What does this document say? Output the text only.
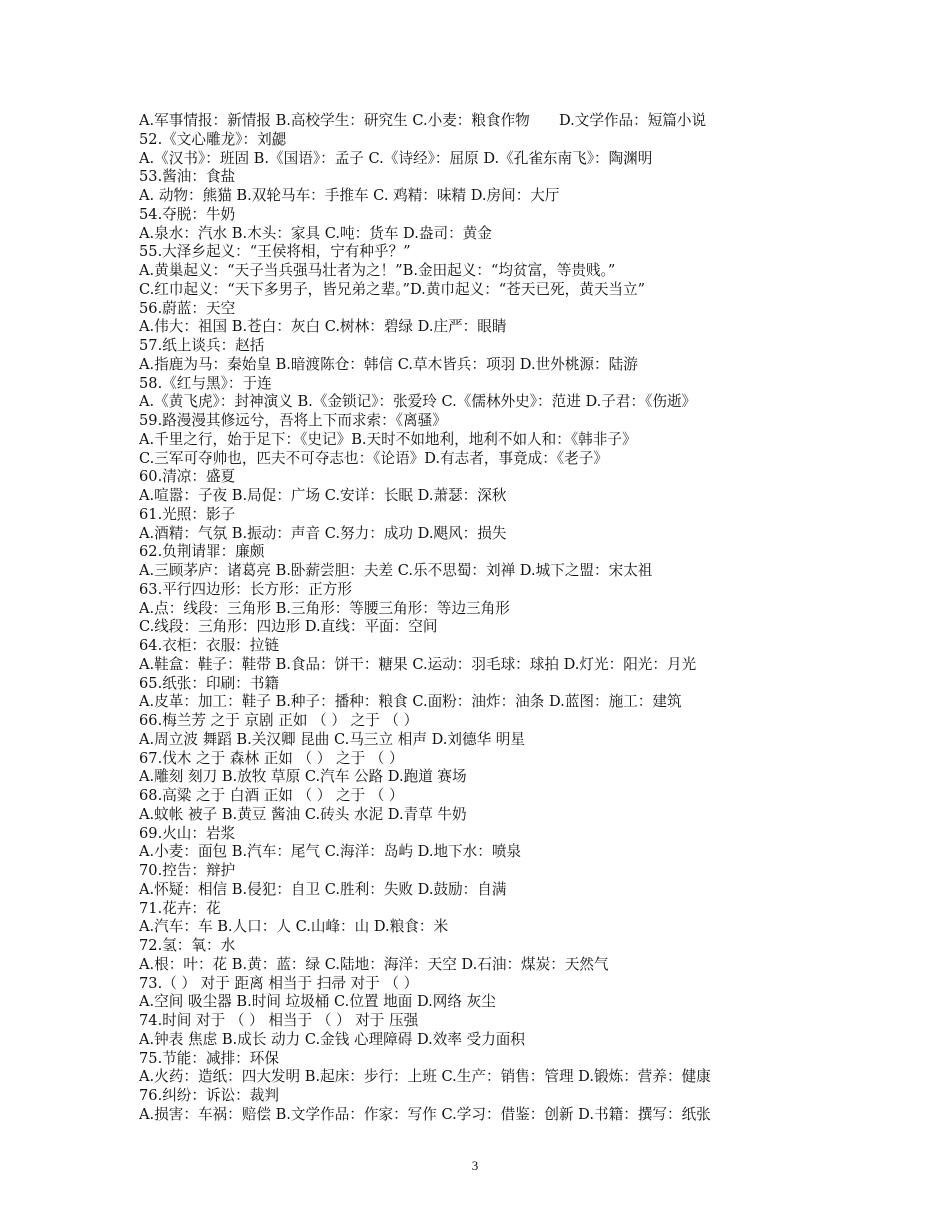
A.军事情报：新情报 B.高校学生：研究生 C.小麦：粮食作物　　D.文学作品：短篇小说
52.《文心雕龙》：刘勰
A.《汉书》：班固 B.《国语》：孟子 C.《诗经》：屈原 D.《孔雀东南飞》：陶渊明
53.酱油：食盐
A. 动物：熊猫 B.双轮马车：手推车 C. 鸡精：味精 D.房间：大厅
54.夺脱：牛奶
A.泉水：汽水 B.木头：家具 C.吨：货车 D.盎司：黄金
55.大泽乡起义：“王侯将相，宁有种乎？”
A.黄巢起义：“天子当兵强马壮者为之！”B.金田起义：“均贫富，等贵贱。”
C.红巾起义：“天下多男子，皆兄弟之辈。”D.黄巾起义：“苍天已死，黄天当立”
56.蔚蓝：天空
A.伟大：祖国 B.苍白：灰白 C.树林：碧绿 D.庄严：眼睛
57.纸上谈兵：赵括
A.指鹿为马：秦始皇 B.暗渡陈仓：韩信 C.草木皆兵：项羽 D.世外桃源：陆游
58.《红与黑》：于连
A.《黄飞虎》：封神演义 B.《金锁记》：张爱玲 C.《儒林外史》：范进 D.子君：《伤逝》
59.路漫漫其修远兮，吾将上下而求索：《离骚》
A.千里之行，始于足下：《史记》B.天时不如地利，地利不如人和：《韩非子》
C.三军可夺帅也，匹夫不可夺志也：《论语》D.有志者，事竟成：《老子》
60.清凉：盛夏
A.喧嚣：子夜 B.局促：广场 C.安详：长眠 D.萧瑟：深秋
61.光照：影子
A.酒精：气氛 B.振动：声音 C.努力：成功 D.飓风：损失
62.负荆请罪：廉颇
A.三顾茅庐：诸葛亮 B.卧薪尝胆：夫差 C.乐不思蜀：刘禅 D.城下之盟：宋太祖
63.平行四边形：长方形：正方形
A.点：线段：三角形 B.三角形：等腰三角形：等边三角形
C.线段：三角形：四边形 D.直线：平面：空间
64.衣柜：衣服：拉链
A.鞋盒：鞋子：鞋带 B.食品：饼干：糖果 C.运动：羽毛球：球拍 D.灯光：阳光：月光
65.纸张：印刷：书籍
A.皮革：加工：鞋子 B.种子：播种：粮食 C.面粉：油炸：油条 D.蓝图：施工：建筑
66.梅兰芳 之于 京剧 正如 （ ） 之于 （ ）
A.周立波 舞蹈 B.关汉卿 昆曲 C.马三立 相声 D.刘德华 明星
67.伐木 之于 森林 正如 （ ） 之于 （ ）
A.雕刻 刻刀 B.放牧 草原 C.汽车 公路 D.跑道 赛场
68.高粱 之于 白酒 正如 （ ） 之于 （ ）
A.蚊帐 被子 B.黄豆 酱油 C.砖头 水泥 D.青草 牛奶
69.火山：岩浆
A.小麦：面包 B.汽车：尾气 C.海洋：岛屿 D.地下水：喷泉
70.控告：辩护
A.怀疑：相信 B.侵犯：自卫 C.胜利：失败 D.鼓励：自满
71.花卉：花
A.汽车：车 B.人口：人 C.山峰：山 D.粮食：米
72.氢：氧：水
A.根：叶：花 B.黄：蓝：绿 C.陆地：海洋：天空 D.石油：煤炭：天然气
73.（ ） 对于 距离 相当于 扫帚 对于 （ ）
A.空间 吸尘器 B.时间 垃圾桶 C.位置 地面 D.网络 灰尘
74.时间 对于 （ ） 相当于 （ ） 对于 压强
A.钟表 焦虑 B.成长 动力 C.金钱 心理障碍 D.效率 受力面积
75.节能：减排：环保
A.火药：造纸：四大发明 B.起床：步行：上班 C.生产：销售：管理 D.锻炼：营养：健康
76.纠纷：诉讼：裁判
A.损害：车祸：赔偿 B.文学作品：作家：写作 C.学习：借鉴：创新 D.书籍：撰写：纸张
3
